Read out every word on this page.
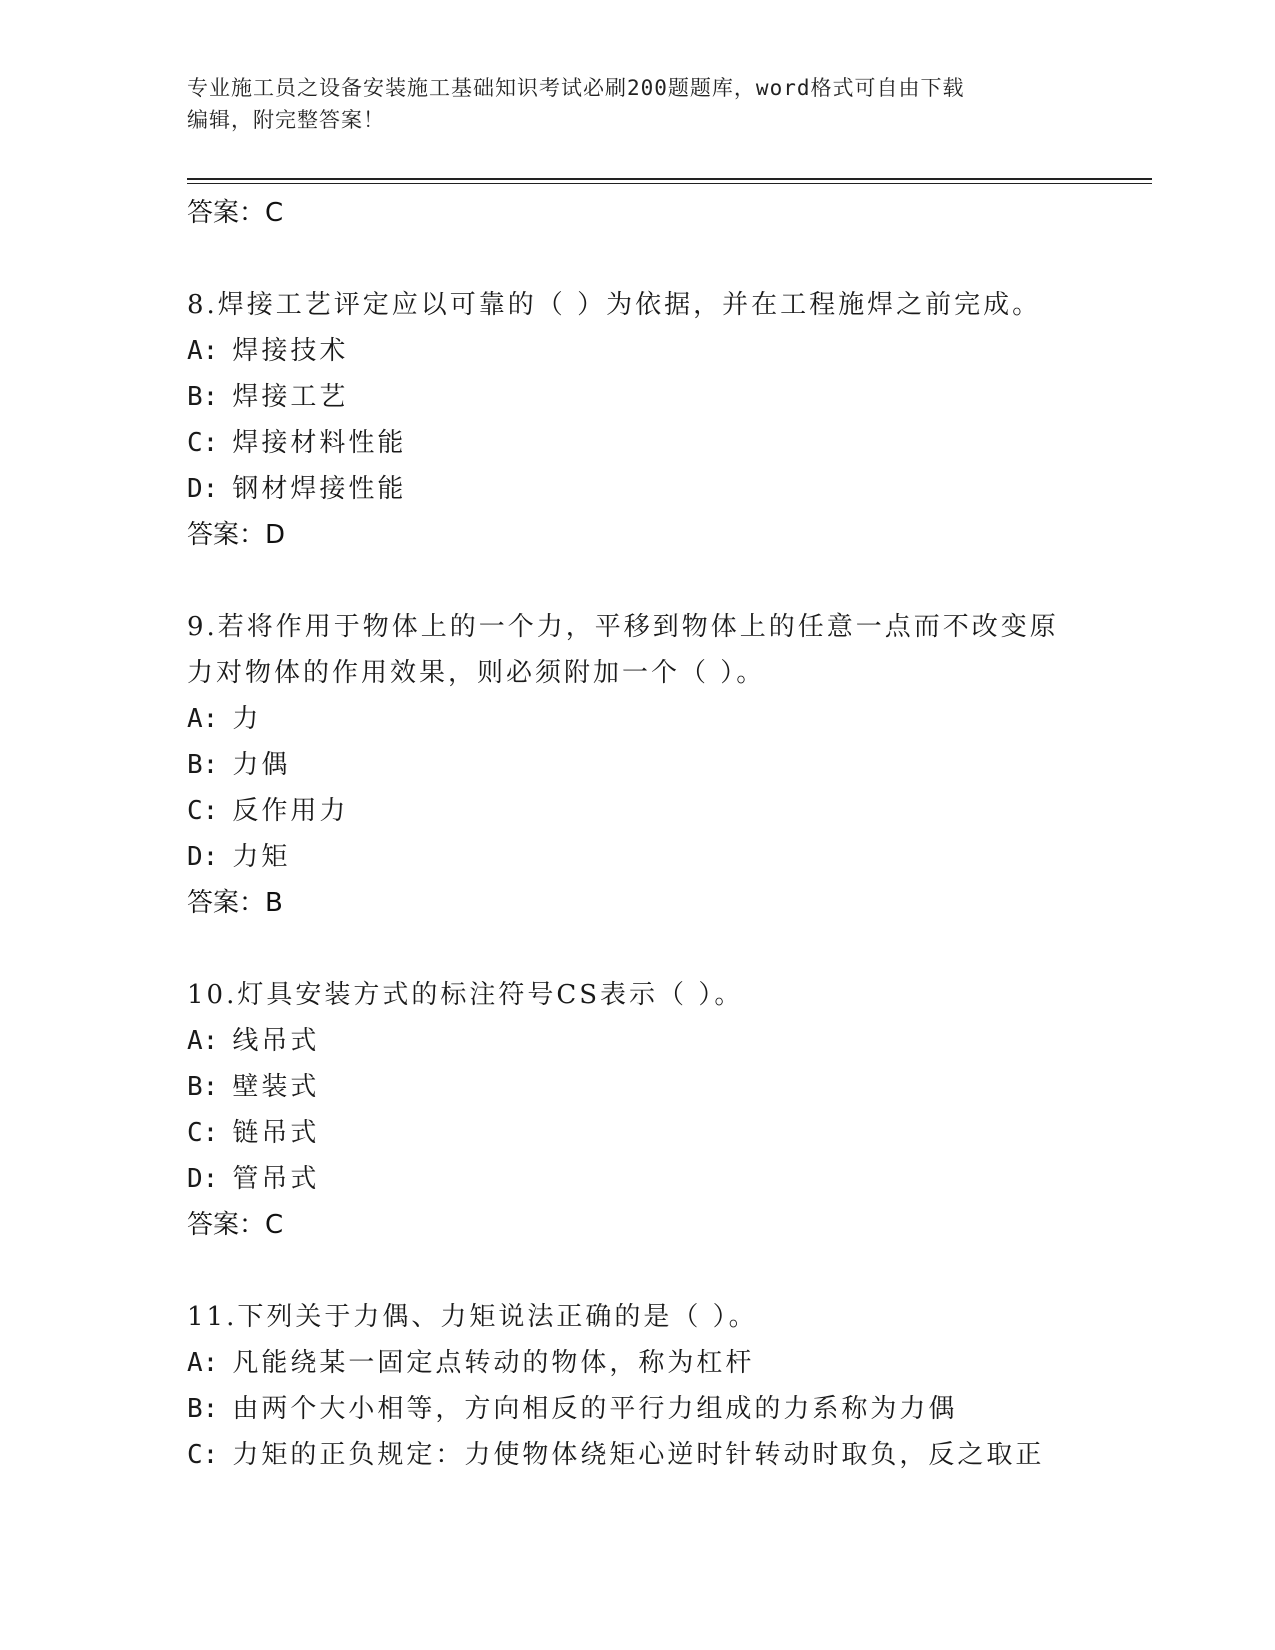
专业施工员之设备安装施工基础知识考试必刷200题题库，word格式可自由下载
编辑，附完整答案！
答案：C
8.焊接工艺评定应以可靠的（ ）为依据，并在工程施焊之前完成。
A: 焊接技术
B: 焊接工艺
C: 焊接材料性能
D: 钢材焊接性能
答案：D
9.若将作用于物体上的一个力，平移到物体上的任意一点而不改变原
力对物体的作用效果，则必须附加一个（ ）。
A: 力
B: 力偶
C: 反作用力
D: 力矩
答案：B
10.灯具安装方式的标注符号CS表示（ ）。
A: 线吊式
B: 壁装式
C: 链吊式
D: 管吊式
答案：C
11.下列关于力偶、力矩说法正确的是（ ）。
A: 凡能绕某一固定点转动的物体，称为杠杆
B: 由两个大小相等，方向相反的平行力组成的力系称为力偶
C: 力矩的正负规定：力使物体绕矩心逆时针转动时取负，反之取正
